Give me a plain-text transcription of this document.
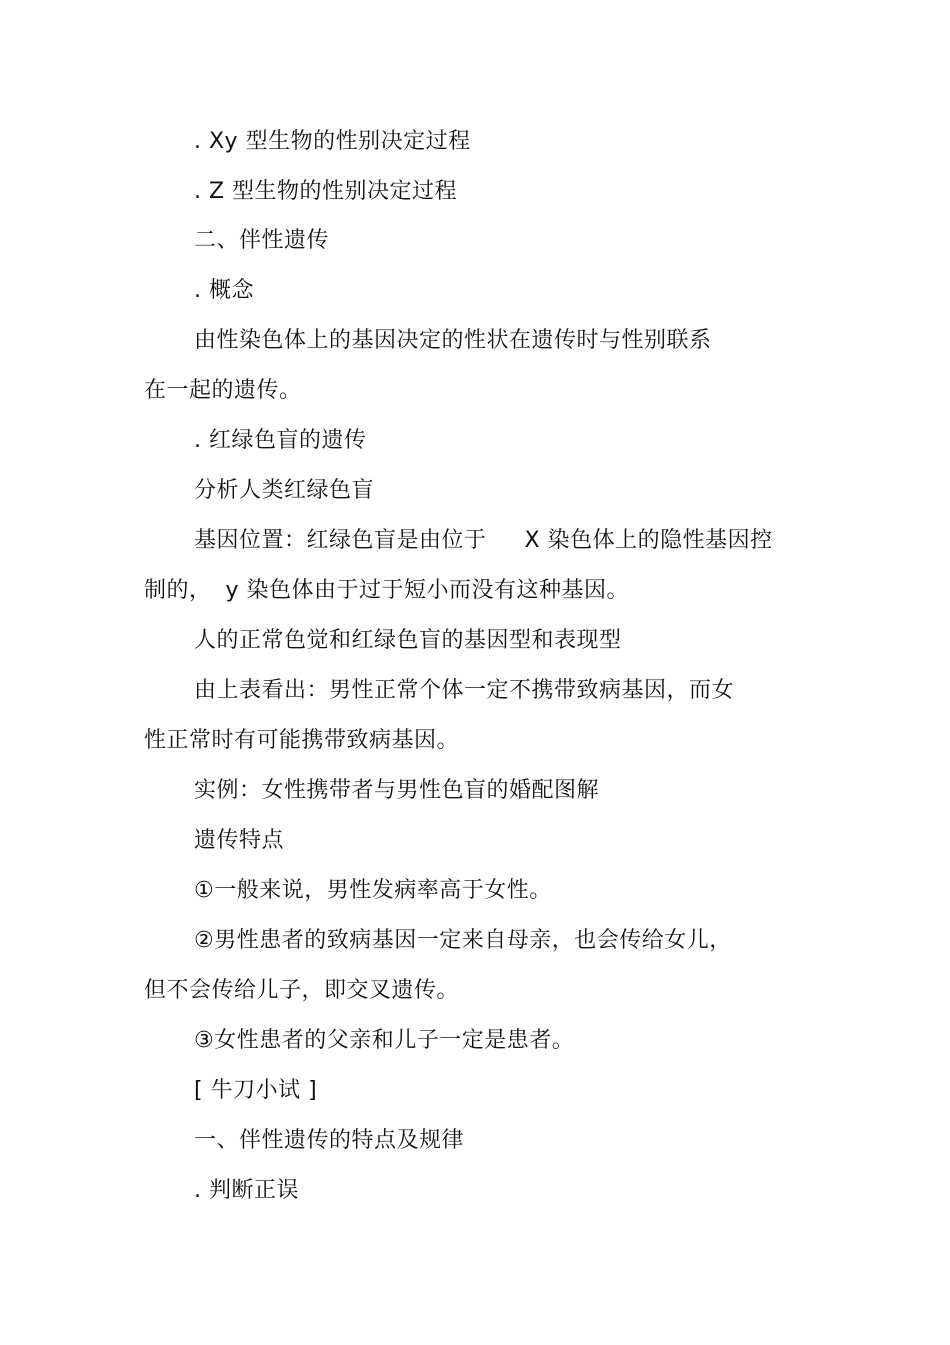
. Xy 型生物的性别决定过程
. Z 型生物的性别决定过程
二、伴性遗传
. 概念
由性染色体上的基因决定的性状在遗传时与性别联系
在一起的遗传。
. 红绿色盲的遗传
分析人类红绿色盲
基因位置：红绿色盲是由位于 X 染色体上的隐性基因控
制的， y 染色体由于过于短小而没有这种基因。
人的正常色觉和红绿色盲的基因型和表现型
由上表看出：男性正常个体一定不携带致病基因，而女
性正常时有可能携带致病基因。
实例：女性携带者与男性色盲的婚配图解
遗传特点
①一般来说，男性发病率高于女性。
②男性患者的致病基因一定来自母亲，也会传给女儿，
但不会传给儿子，即交叉遗传。
③女性患者的父亲和儿子一定是患者。
[ 牛刀小试 ]
一、伴性遗传的特点及规律
. 判断正误
